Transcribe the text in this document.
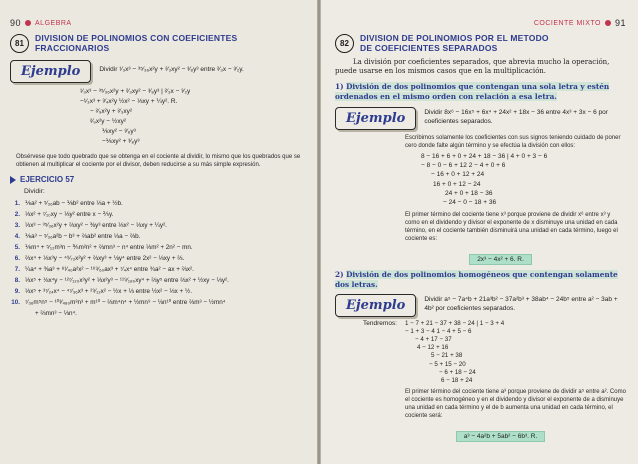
90 ALGEBRA
81
DIVISION DE POLINOMIOS CON COEFICIENTES
FRACCIONARIOS
Ejemplo	Dividir ¹⁄₃x³ − ³⁵⁄₃₆x²y + ²⁄₃xy² − ³⁄₈y³ entre ²⁄₃x − ³⁄₂y.
¹⁄₃x³ − ³⁵⁄₃₆x²y + ²⁄₃xy² − ³⁄₈y³ | ²⁄₃x − ³⁄₂y
−¹⁄₃x³ + ³⁄₄x²y ½x² − ⅓xy + ¼y². R.
− ²⁄₉x²y + ²⁄₃xy²
²⁄₉x²y − ½xy²
⅙xy² − ³⁄₈y³
−⅙xy² + ³⁄₈y³
Obsérvese que todo quebrado que se obtenga en el cociente al dividir, lo mismo que los quebrados que se obtienen al multiplicar el cociente por el divisor, deben reducirse a su más simple expresión.
EJERCICIO 57
Dividir:
1. ⅙a² + ⁵⁄₃₆ab − ⅙b² entre ⅓a + ½b.
2. ⅓x² + ⁷⁄₁₀xy − ⅓y² entre x − ⅖y.
3. ⅓x³ − ³⁵⁄₃₆x²y + ⅔xy² − ⅜y³ entre ⅓x² − ⅓xy + ¼y².
4. ⅙a³ − ⁵⁄₃₆a²b − b³ + ⅔ab² entre ⅓a − ⅔b.
5. ⅙m⁴ + ⁵⁄₁₂m³n − ⅗m²n² + ⅔mn³ − n⁴ entre ⅓m² + 2n² − mn.
6. ⅔x⁴ + ⅓x³y − ⁴⁹⁄₇₂x²y² + ⅔xy³ + ⅛y⁴ entre 2x² − ⅓xy + ⅔.
7. ¼a⁴ + ⅜a³ + ⁸¹⁄₄₀a²x² − ¹⁶⁹⁄₆₀ax³ + ⁷⁄₄x⁴ entre ¾a² − ax + ⅔x².
8. ⅓x⁵ + ⅛x⁴y − ¹²⁷⁄₁₂₀x³y² + ⅓x²y³ − ¹¹⁹⁄₁₈₀xy⁴ + ⅔y⁵ entre ⅔x² + ½xy − ⅓y².
9. ⅓x⁵ + ³⁷⁄₂₄x⁴ − ⁴⁷⁄₃₆x³ + ²⁹⁄₁₂x² − ½x + ⅓ entre ½x² − ⅓x + ½.
10. ⁷⁄₃₆m⁵n⁵ − ¹⁰³⁄₄₈₀m³n³ + m¹⁰ − ⅔m⁴n⁴ + ½mn⁹ − ⅛n¹⁰ entre ⅔m³ − ½mn⁴
+ ⅔mn³ − ⅓n⁴.
COCIENTE MIXTO 91
82
DIVISION DE POLINOMIOS POR EL METODO
DE COEFICIENTES SEPARADOS
La división por coeficientes separados, que abrevia mucho la operación, puede usarse en los mismos casos que en la multiplicación.
1) División de dos polinomios que contengan una sola letra y estén ordenados en el mismo orden con relación a esa letra.
Ejemplo	Dividir 8x⁶ − 16x⁵ + 6x⁴ + 24x² + 18x − 36 entre 4x³ + 3x − 6 por coeficientes separados.
Escribimos solamente los coeficientes con sus signos teniendo cuidado de poner cero donde falte algún término y se efectúa la división con ellos:
8 − 16 + 6 + 0 + 24 + 18 − 36 | 4 + 0 + 3 − 6
− 8 − 0 − 6 + 12 2 − 4 + 0 + 6
− 16 + 0 + 12 + 24
16 + 0 + 12 − 24
24 + 0 + 18 − 36
− 24 − 0 − 18 + 36
El primer término del cociente tiene x³ porque proviene de dividir x⁶ entre x³ y como en el dividendo y divisor el exponente de x disminuye una unidad en cada término, en el cociente también disminuirá una unidad en cada término, luego el cociente es:
2x³ − 4x² + 6. R.
2) División de dos polinomios homogéneos que contengan solamente dos letras.
Ejemplo	Dividir a⁵ − 7a⁴b + 21a³b² − 37a²b³ + 38ab⁴ − 24b⁵ entre a² − 3ab + 4b² por coeficientes separados.
Tendremos: 1 − 7 + 21 − 37 + 38 − 24 | 1 − 3 + 4
− 1 + 3 − 4 1 − 4 + 5 − 6
− 4 + 17 − 37
4 − 12 + 16
5 − 21 + 38
− 5 + 15 − 20
− 6 + 18 − 24
6 − 18 + 24
El primer término del cociente tiene a³ porque proviene de dividir a⁵ entre a². Como el cociente es homogéneo y en el dividendo y divisor el exponente de a disminuye una unidad en cada término y el de b aumenta una unidad en cada término, el cociente será:
a³ − 4a²b + 5ab² − 6b³. R.
